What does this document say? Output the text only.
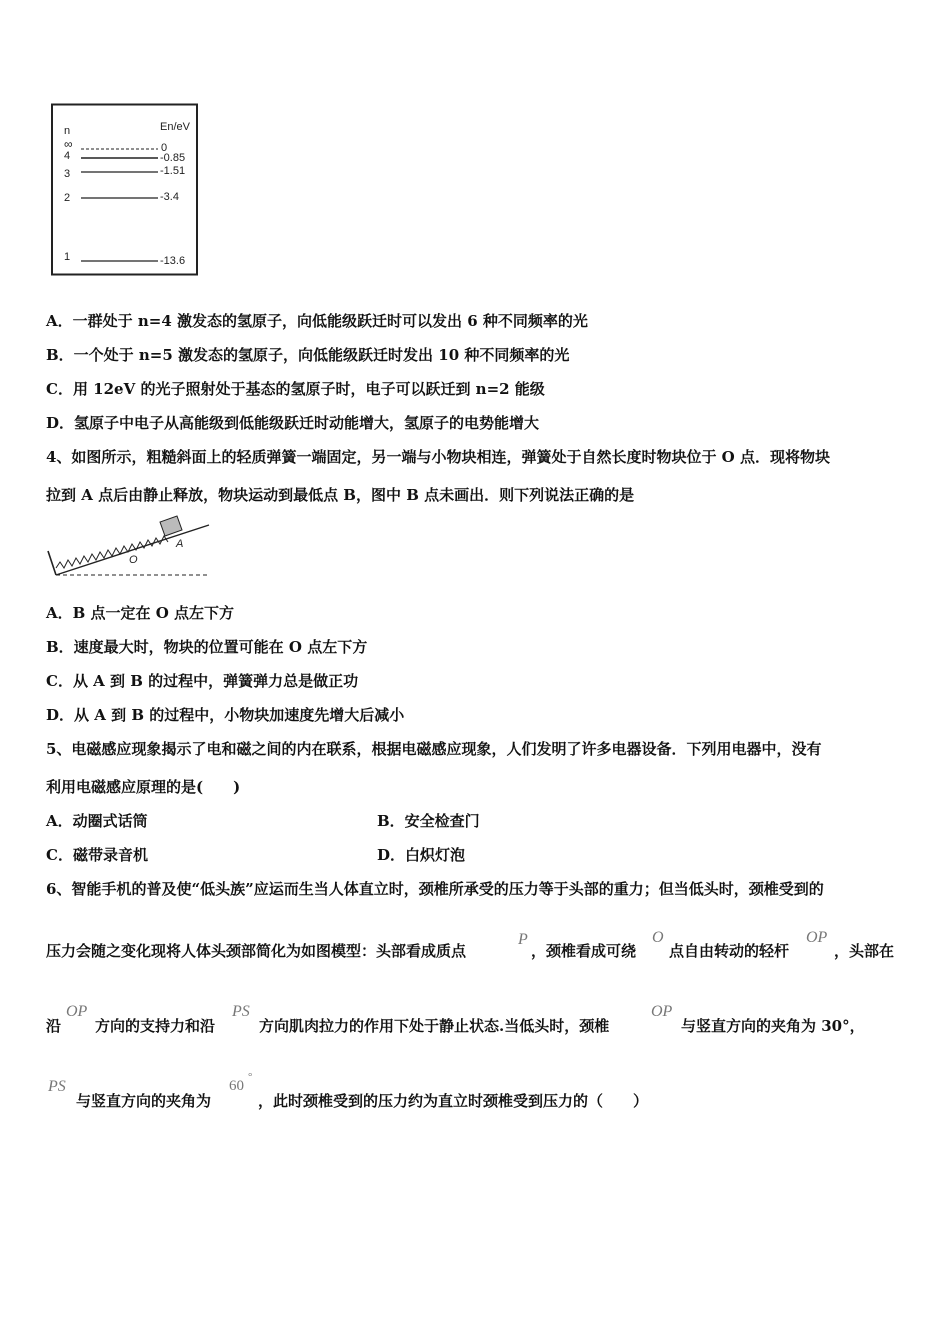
n	En/eV
∞	0
4	-0.85
3	-1.51
2	-3.4
1	-13.6
A．一群处于 n=4 激发态的氢原子，向低能级跃迁时可以发出 6 种不同频率的光
B．一个处于 n=5 激发态的氢原子，向低能级跃迁时发出 10 种不同频率的光
C．用 12eV 的光子照射处于基态的氢原子时，电子可以跃迁到 n=2 能级
D．氢原子中电子从高能级到低能级跃迁时动能增大，氢原子的电势能增大
4、如图所示，粗糙斜面上的轻质弹簧一端固定，另一端与小物块相连，弹簧处于自然长度时物块位于 O 点．现将物块
拉到 A 点后由静止释放，物块运动到最低点 B，图中 B 点未画出．则下列说法正确的是
O
A
A．B 点一定在 O 点左下方
B．速度最大时，物块的位置可能在 O 点左下方
C．从 A 到 B 的过程中，弹簧弹力总是做正功
D．从 A 到 B 的过程中，小物块加速度先增大后减小
5、电磁感应现象揭示了电和磁之间的内在联系，根据电磁感应现象，人们发明了许多电器设备．下列用电器中，没有
利用电磁感应原理的是(　　)
A．动圈式话筒	B．安全检查门
C．磁带录音机	D．白炽灯泡
6、智能手机的普及使“低头族”应运而生当人体直立时，颈椎所承受的压力等于头部的重力；但当低头时，颈椎受到的
压力会随之变化现将人体头颈部简化为如图模型：头部看成质点
P
，颈椎看成可绕
O
点自由转动的轻杆
OP
，头部在
沿
OP
方向的支持力和沿
PS
方向肌肉拉力的作用下处于静止状态.当低头时，颈椎
OP
与竖直方向的夹角为 30°，
PS
与竖直方向的夹角为
60
°
，此时颈椎受到的压力约为直立时颈椎受到压力的（　　）
